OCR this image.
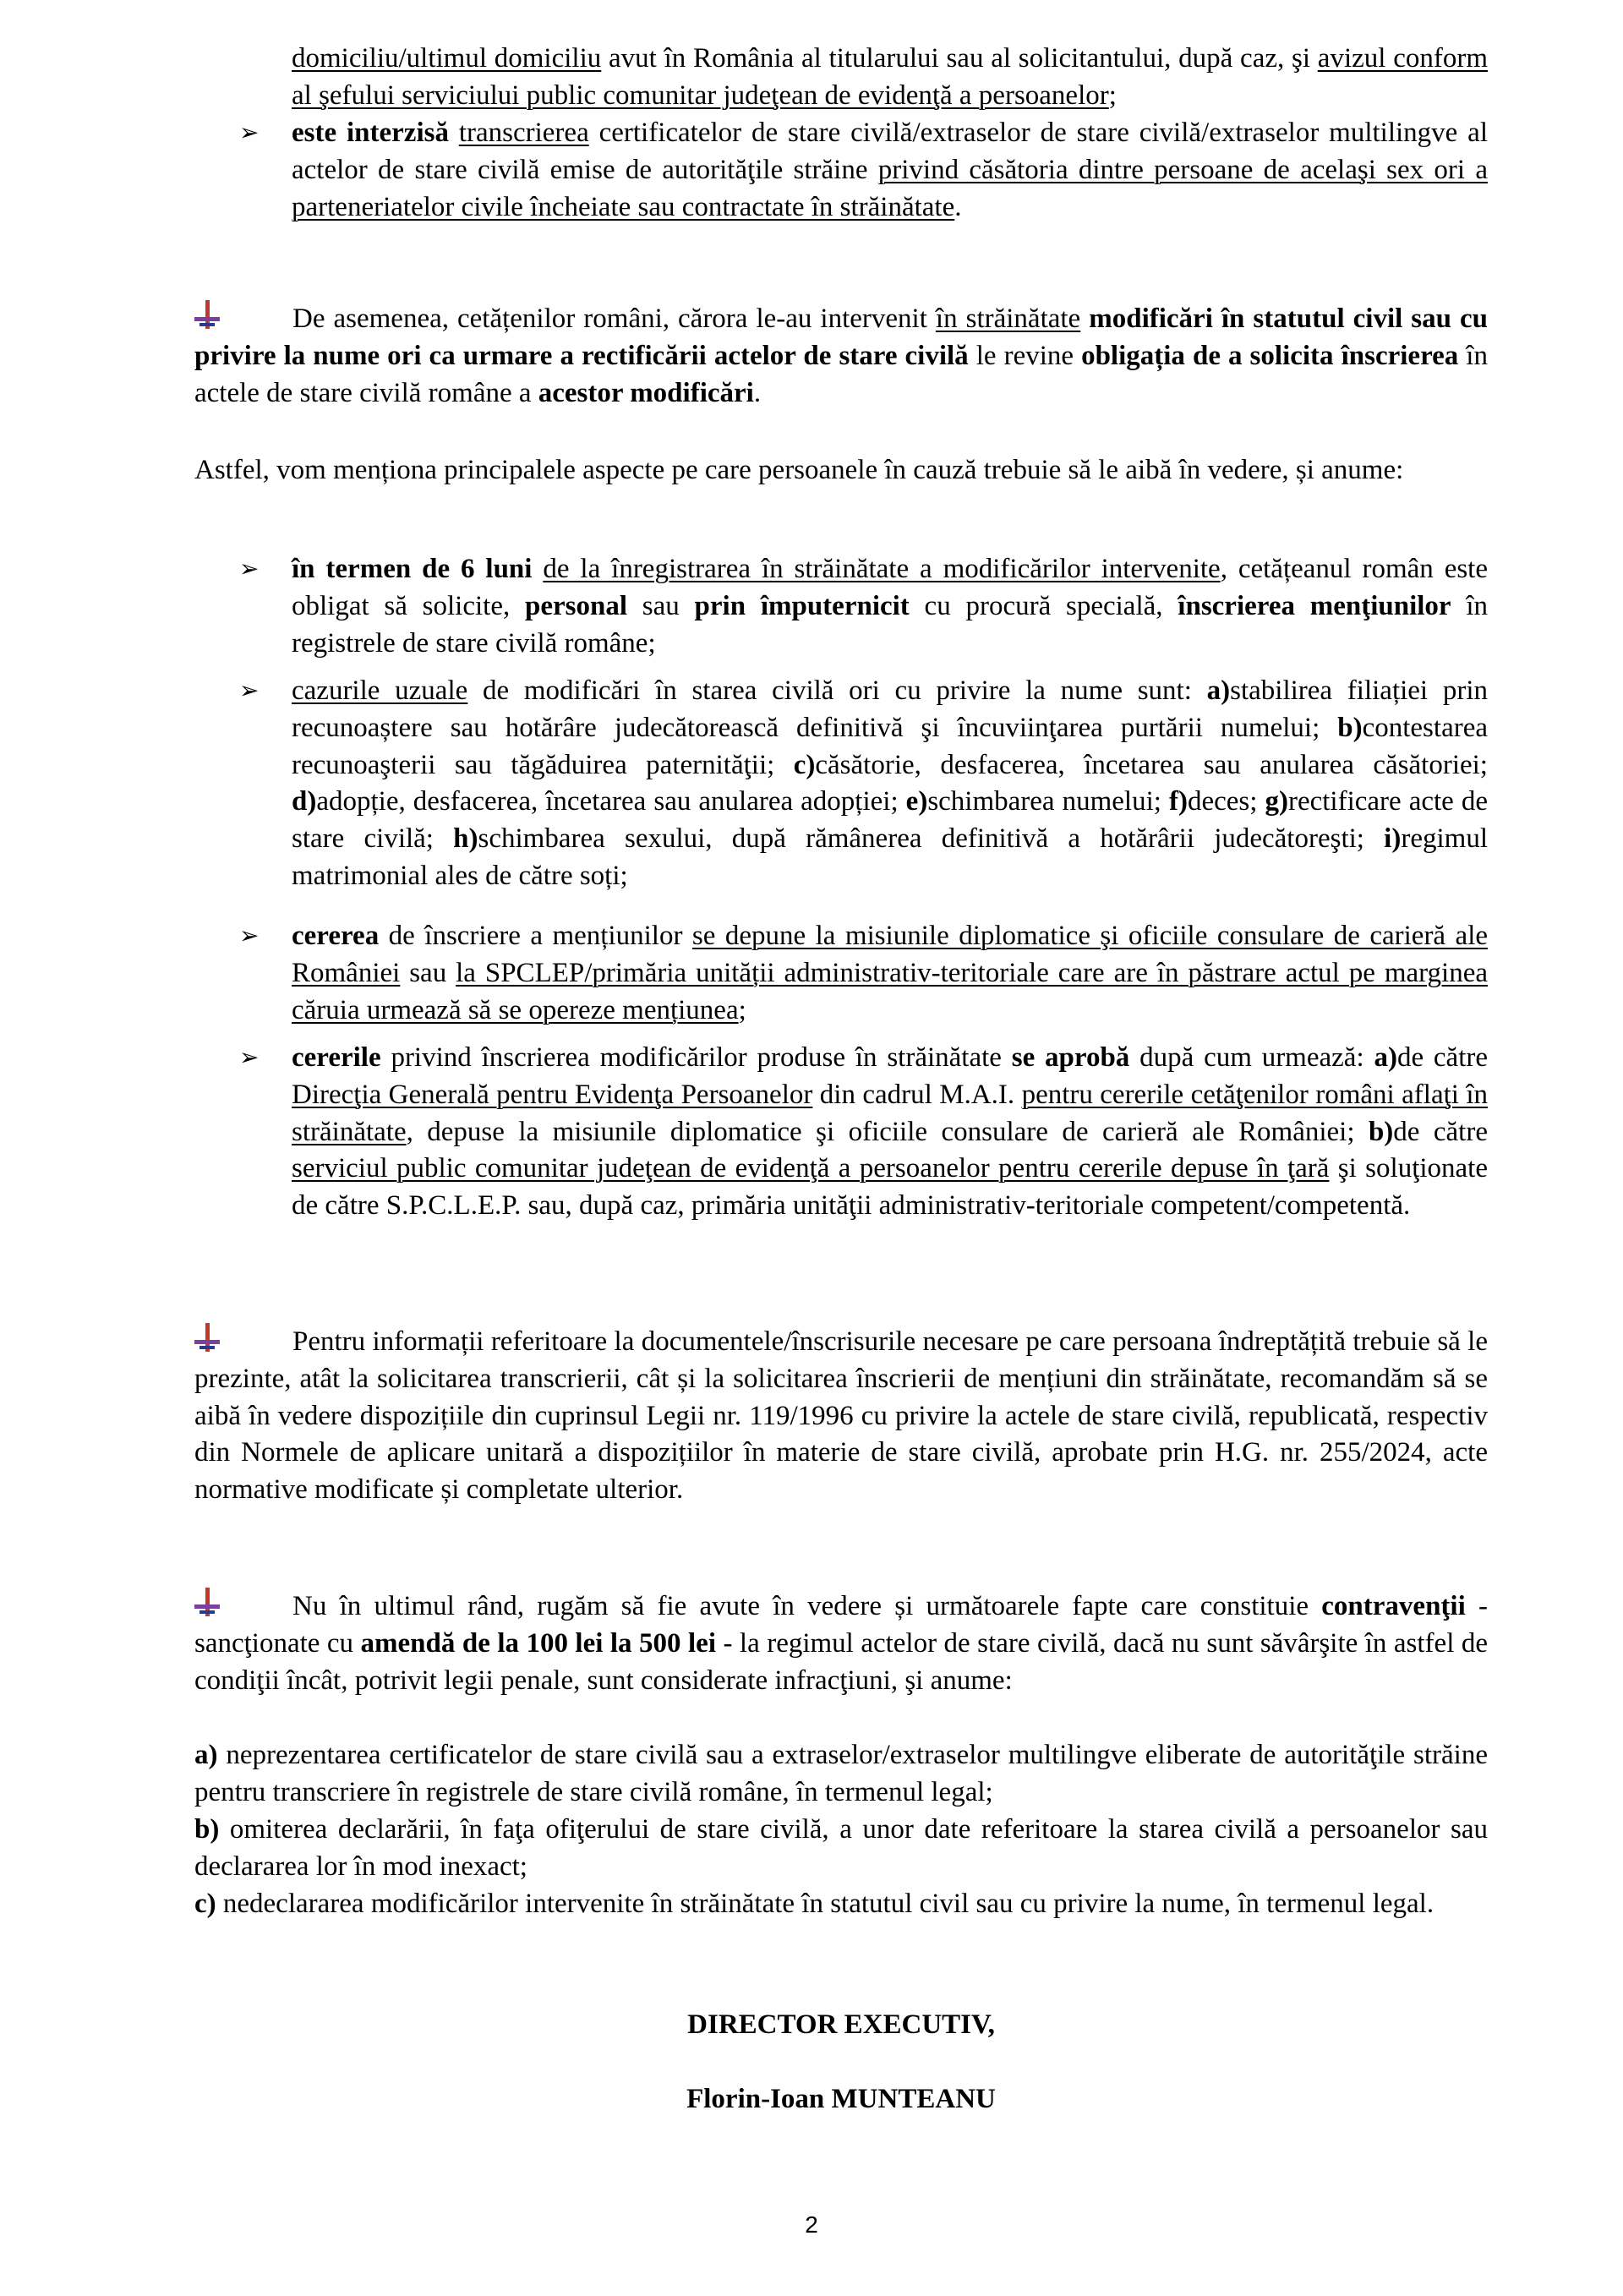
domiciliu/ultimul domiciliu avut în România al titularului sau al solicitantului, după caz, şi avizul conform al şefului serviciului public comunitar judeţean de evidenţă a persoanelor;
➢ este interzisă transcrierea certificatelor de stare civilă/extraselor de stare civilă/extraselor multilingve al actelor de stare civilă emise de autorităţile străine privind căsătoria dintre persoane de acelaşi sex ori a parteneriatelor civile încheiate sau contractate în străinătate.
De asemenea, cetățenilor români, cărora le-au intervenit în străinătate modificări în statutul civil sau cu privire la nume ori ca urmare a rectificării actelor de stare civilă le revine obligația de a solicita înscrierea în actele de stare civilă române a acestor modificări.
Astfel, vom menționa principalele aspecte pe care persoanele în cauză trebuie să le aibă în vedere, și anume:
➢ în termen de 6 luni de la înregistrarea în străinătate a modificărilor intervenite, cetățeanul român este obligat să solicite, personal sau prin împuternicit cu procură specială, înscrierea menţiunilor în registrele de stare civilă române;
➢ cazurile uzuale de modificări în starea civilă ori cu privire la nume sunt: a)stabilirea filiației prin recunoaștere sau hotărâre judecătorească definitivă şi încuviinţarea purtării numelui; b)contestarea recunoaşterii sau tăgăduirea paternităţii; c)căsătorie, desfacerea, încetarea sau anularea căsătoriei; d)adopție, desfacerea, încetarea sau anularea adopției; e)schimbarea numelui; f)deces; g)rectificare acte de stare civilă; h)schimbarea sexului, după rămânerea definitivă a hotărârii judecătoreşti; i)regimul matrimonial ales de către soți;
➢ cererea de înscriere a mențiunilor se depune la misiunile diplomatice şi oficiile consulare de carieră ale României sau la SPCLEP/primăria unității administrativ-teritoriale care are în păstrare actul pe marginea căruia urmează să se opereze mențiunea;
➢ cererile privind înscrierea modificărilor produse în străinătate se aprobă după cum urmează: a)de către Direcţia Generală pentru Evidenţa Persoanelor din cadrul M.A.I. pentru cererile cetăţenilor români aflaţi în străinătate, depuse la misiunile diplomatice şi oficiile consulare de carieră ale României; b)de către serviciul public comunitar judeţean de evidenţă a persoanelor pentru cererile depuse în ţară şi soluţionate de către S.P.C.L.E.P. sau, după caz, primăria unităţii administrativ-teritoriale competent/competentă.
Pentru informații referitoare la documentele/înscrisurile necesare pe care persoana îndreptățită trebuie să le prezinte, atât la solicitarea transcrierii, cât și la solicitarea înscrierii de mențiuni din străinătate, recomandăm să se aibă în vedere dispozițiile din cuprinsul Legii nr. 119/1996 cu privire la actele de stare civilă, republicată, respectiv din Normele de aplicare unitară a dispozițiilor în materie de stare civilă, aprobate prin H.G. nr. 255/2024, acte normative modificate și completate ulterior.
Nu în ultimul rând, rugăm să fie avute în vedere și următoarele fapte care constituie contravenţii - sancţionate cu amendă de la 100 lei la 500 lei - la regimul actelor de stare civilă, dacă nu sunt săvârşite în astfel de condiţii încât, potrivit legii penale, sunt considerate infracţiuni, şi anume:
a) neprezentarea certificatelor de stare civilă sau a extraselor/extraselor multilingve eliberate de autorităţile străine pentru transcriere în registrele de stare civilă române, în termenul legal;
b) omiterea declarării, în faţa ofiţerului de stare civilă, a unor date referitoare la starea civilă a persoanelor sau declararea lor în mod inexact;
c) nedeclararea modificărilor intervenite în străinătate în statutul civil sau cu privire la nume, în termenul legal.
DIRECTOR EXECUTIV,
Florin-Ioan MUNTEANU
2
